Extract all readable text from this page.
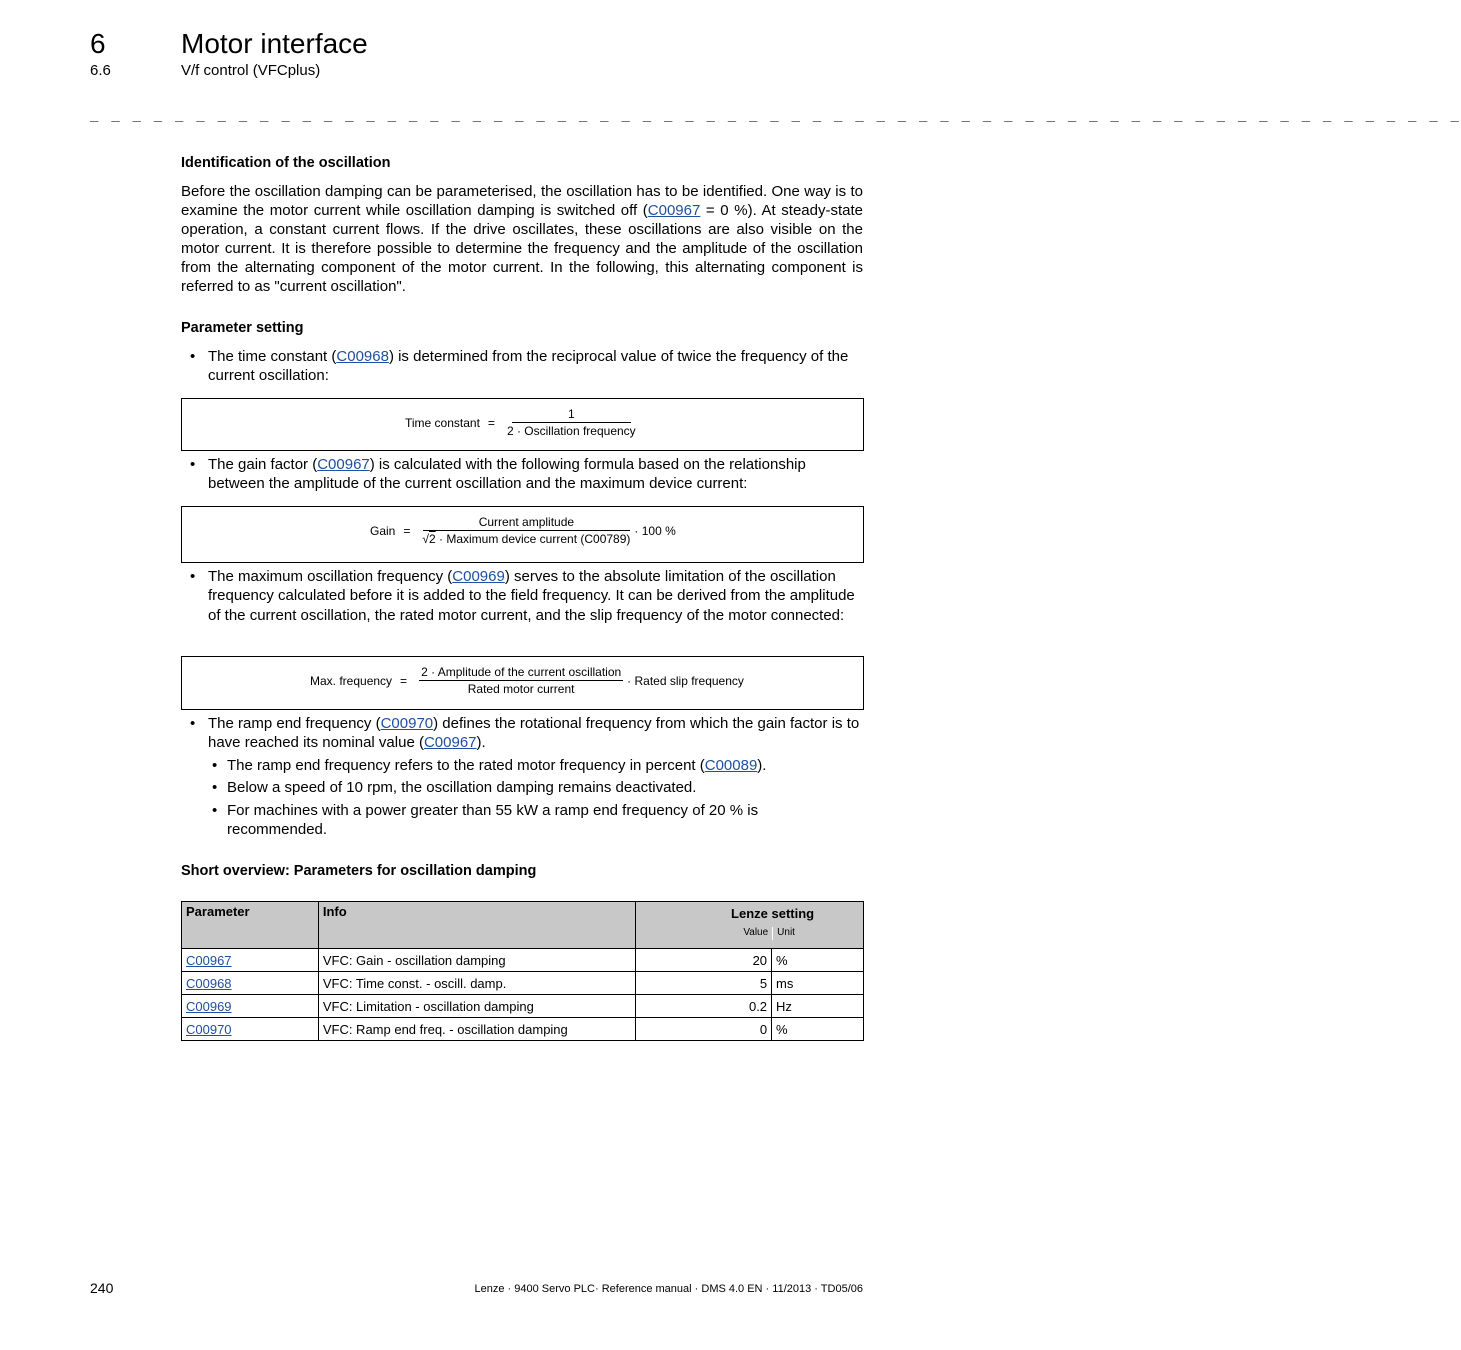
6	Motor interface
6.6	V/f control (VFCplus)
_ _ _ _ _ _ _ _ _ _ _ _ _ _ _ _ _ _ _ _ _ _ _ _ _ _ _ _ _ _ _ _ _ _ _ _ _ _ _ _ _ _ _ _ _ _ _ _ _ _ _ _ _ _ _ _ _ _ _ _ _ _ _ _ _
Identification of the oscillation
Before the oscillation damping can be parameterised, the oscillation has to be identified. One way is to examine the motor current while oscillation damping is switched off (C00967 = 0 %). At steady-state operation, a constant current flows. If the drive oscillates, these oscillations are also visible on the motor current. It is therefore possible to determine the frequency and the amplitude of the oscillation from the alternating component of the motor current. In the following, this alternating component is referred to as "current oscillation".
Parameter setting
• The time constant (C00968) is determined from the reciprocal value of twice the frequency of the current oscillation:
Time constant = $\frac{1}{\text{2 · Oscillation frequency}}$
• The gain factor (C00967) is calculated with the following formula based on the relationship between the amplitude of the current oscillation and the maximum device current:
Gain = $\frac{\text{Current amplitude}}{\text{√2 · Maximum device current (C00789)}} \cdot 100$ %
• The maximum oscillation frequency (C00969) serves to the absolute limitation of the oscillation frequency calculated before it is added to the field frequency. It can be derived from the amplitude of the current oscillation, the rated motor current, and the slip frequency of the motor connected:
Max. frequency = $\frac{\text{2 · Amplitude of the current oscillation}}{\text{Rated motor current}}$ · Rated slip frequency
• The ramp end frequency (C00970) defines the rotational frequency from which the gain factor is to have reached its nominal value (C00967).
• The ramp end frequency refers to the rated motor frequency in percent (C00089).
• Below a speed of 10 rpm, the oscillation damping remains deactivated.
• For machines with a power greater than 55 kW a ramp end frequency of 20 % is recommended.
Short overview: Parameters for oscillation damping
Parameter	Info	Lenze setting
Value Unit	

C00967	VFC: Gain - oscillation damping	20	%
C00968	VFC: Time const. - oscill. damp.	5	ms
C00969	VFC: Limitation - oscillation damping	0.2	Hz
C00970	VFC: Ramp end freq. - oscillation damping	0	%
240	Lenze · 9400 Servo PLC· Reference manual · DMS 4.0 EN · 11/2013 · TD05/06
